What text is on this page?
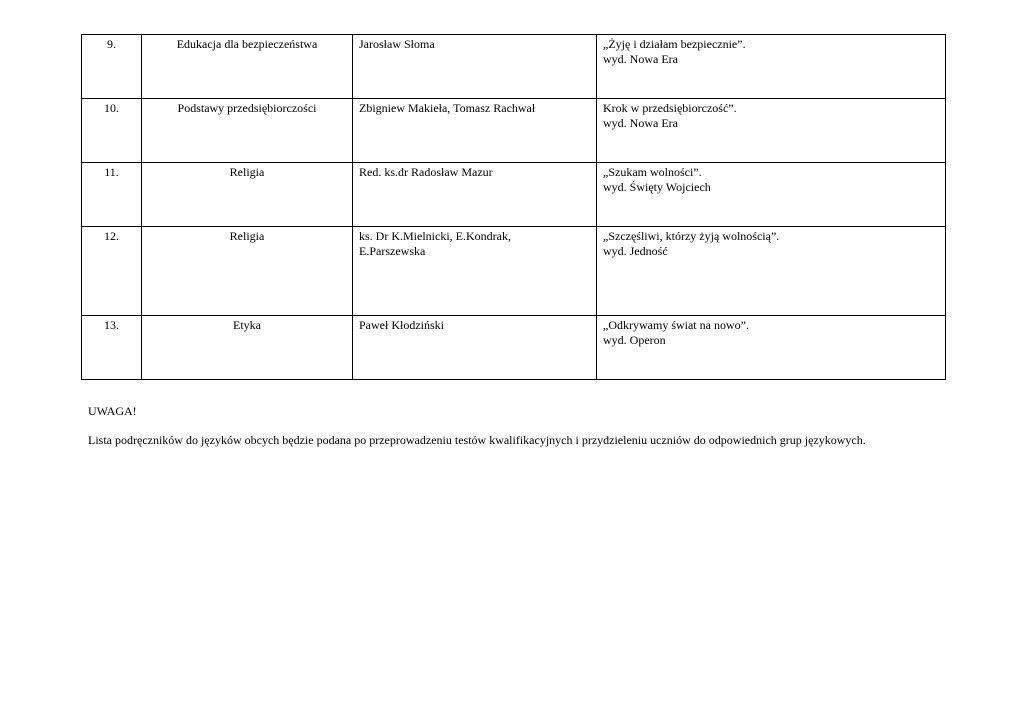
9.	Edukacja dla bezpieczeństwa	Jarosław Słoma	„Żyję i działam bezpiecznie”.
wyd. Nowa Era

10.	Podstawy przedsiębiorczości	Zbigniew Makieła, Tomasz Rachwał	Krok w przedsiębiorczość”.
wyd. Nowa Era

11.	Religia	Red. ks.dr Radosław Mazur	„Szukam wolności”.
wyd. Święty Wojciech

12.	Religia	ks. Dr K.Mielnicki, E.Kondrak,
E.Parszewska	„Szczęśliwi, którzy żyją wolnością”.
wyd. Jedność

13.	Etyka	Paweł Kłodziński	„Odkrywamy świat na nowo”.
wyd. Operon
UWAGA!
Lista podręczników do języków obcych będzie podana po przeprowadzeniu testów kwalifikacyjnych i przydzieleniu uczniów do odpowiednich grup językowych.
